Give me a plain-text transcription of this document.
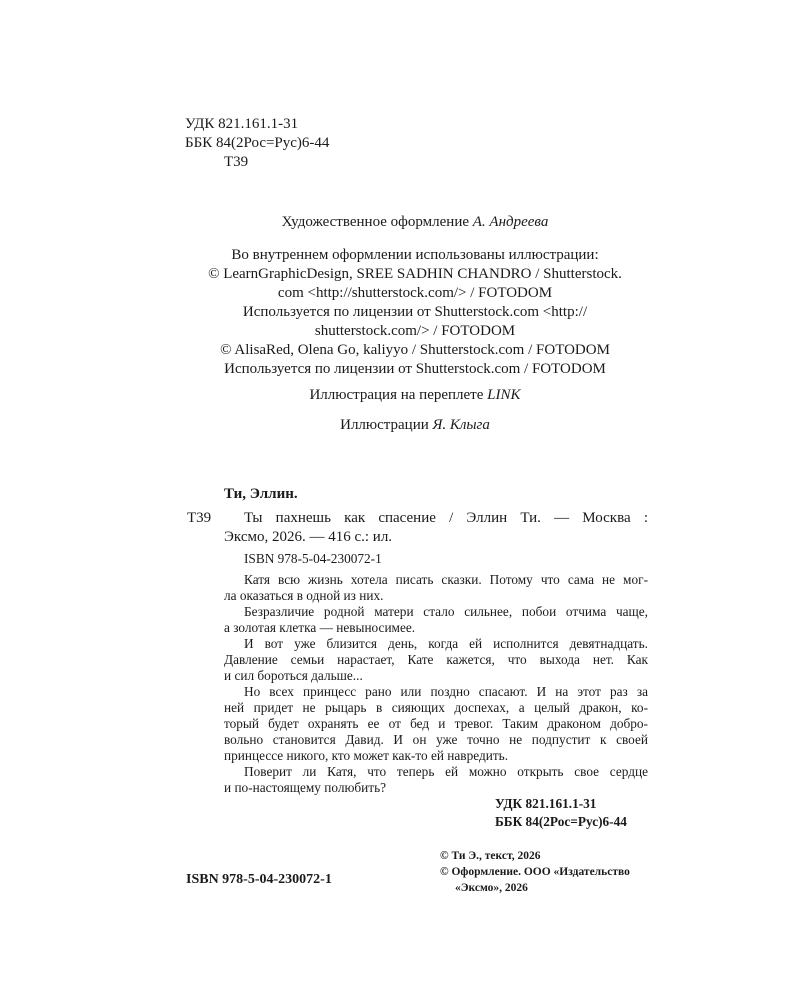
УДК 821.161.1-31
ББК 84(2Рос=Рус)6-44
Т39
Художественное оформление А. Андреева
Во внутреннем оформлении использованы иллюстрации:
© LearnGraphicDesign, SREE SADHIN CHANDRO / Shutterstock.
com <http://shutterstock.com/> / FOTODOM
Используется по лицензии от Shutterstock.com <http://
shutterstock.com/> / FOTODOM
© AlisaRed, Olena Go, kaliyyo / Shutterstock.com / FOTODOM
Используется по лицензии от Shutterstock.com / FOTODOM
Иллюстрация на переплете LINK
Иллюстрации Я. Клыга
Ти, Эллин.
Т39 Ты пахнешь как спасение / Эллин Ти. — Москва :
Эксмо, 2026. — 416 с.: ил.
ISBN 978-5-04-230072-1
Катя всю жизнь хотела писать сказки. Потому что сама не мог-
ла оказаться в одной из них.
Безразличие родной матери стало сильнее, побои отчима чаще,
а золотая клетка — невыносимее.
И вот уже близится день, когда ей исполнится девятнадцать.
Давление семьи нарастает, Кате кажется, что выхода нет. Как
и сил бороться дальше...
Но всех принцесс рано или поздно спасают. И на этот раз за
ней придет не рыцарь в сияющих доспехах, а целый дракон, ко-
торый будет охранять ее от бед и тревог. Таким драконом добро-
вольно становится Давид. И он уже точно не подпустит к своей
принцессе никого, кто может как-то ей навредить.
Поверит ли Катя, что теперь ей можно открыть свое сердце
и по-настоящему полюбить?
УДК 821.161.1-31
ББК 84(2Рос=Рус)6-44
ISBN 978-5-04-230072-1
© Ти Э., текст, 2026
© Оформление. ООО «Издательство
«Эксмо», 2026
